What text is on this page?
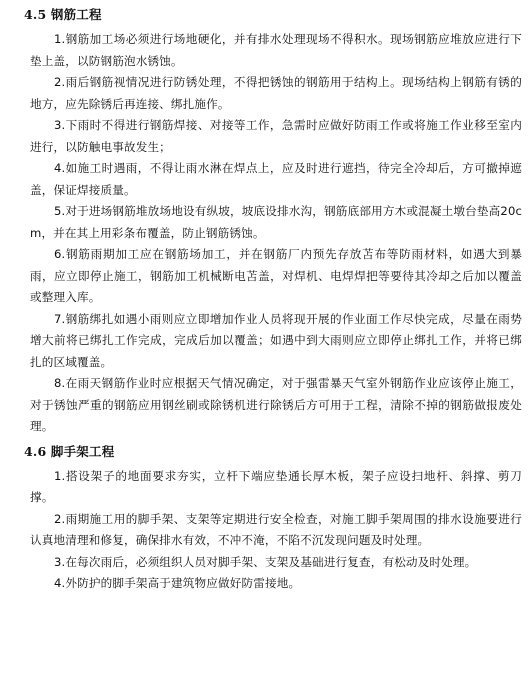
4.5 钢筋工程

1.钢筋加工场必须进行场地硬化，并有排水处理现场不得积水。现场钢筋应堆放应进行下垫上盖，以防钢筋泡水锈蚀。

2.雨后钢筋视情况进行防锈处理，不得把锈蚀的钢筋用于结构上。现场结构上钢筋有锈的地方，应先除锈后再连接、绑扎施作。

3.下雨时不得进行钢筋焊接、对接等工作，急需时应做好防雨工作或将施工作业移至室内进行，以防触电事故发生；

4.如施工时遇雨，不得让雨水淋在焊点上，应及时进行遮挡，待完全冷却后，方可撤掉遮盖，保证焊接质量。

5.对于进场钢筋堆放场地设有纵坡，坡底设排水沟，钢筋底部用方木或混凝土墩台垫高20cm，并在其上用彩条布覆盖，防止钢筋锈蚀。

6.钢筋雨期加工应在钢筋场加工，并在钢筋厂内预先存放苫布等防雨材料，如遇大到暴雨，应立即停止施工，钢筋加工机械断电苫盖，对焊机、电焊焊把等要待其冷却之后加以覆盖或整理入库。

7.钢筋绑扎如遇小雨则应立即增加作业人员将现开展的作业面工作尽快完成，尽量在雨势增大前将已绑扎工作完成，完成后加以覆盖；如遇中到大雨则应立即停止绑扎工作，并将已绑扎的区域覆盖。

8.在雨天钢筋作业时应根据天气情况确定，对于强雷暴天气室外钢筋作业应该停止施工，对于锈蚀严重的钢筋应用钢丝刷或除锈机进行除锈后方可用于工程，清除不掉的钢筋做报废处理。

4.6 脚手架工程

1.搭设架子的地面要求夯实，立杆下端应垫通长厚木板，架子应设扫地杆、斜撑、剪刀撑。

2.雨期施工用的脚手架、支架等定期进行安全检查，对施工脚手架周围的排水设施要进行认真地清理和修复，确保排水有效，不冲不淹，不陷不沉发现问题及时处理。

3.在每次雨后，必须组织人员对脚手架、支架及基础进行复查，有松动及时处理。

4.外防护的脚手架高于建筑物应做好防雷接地。
